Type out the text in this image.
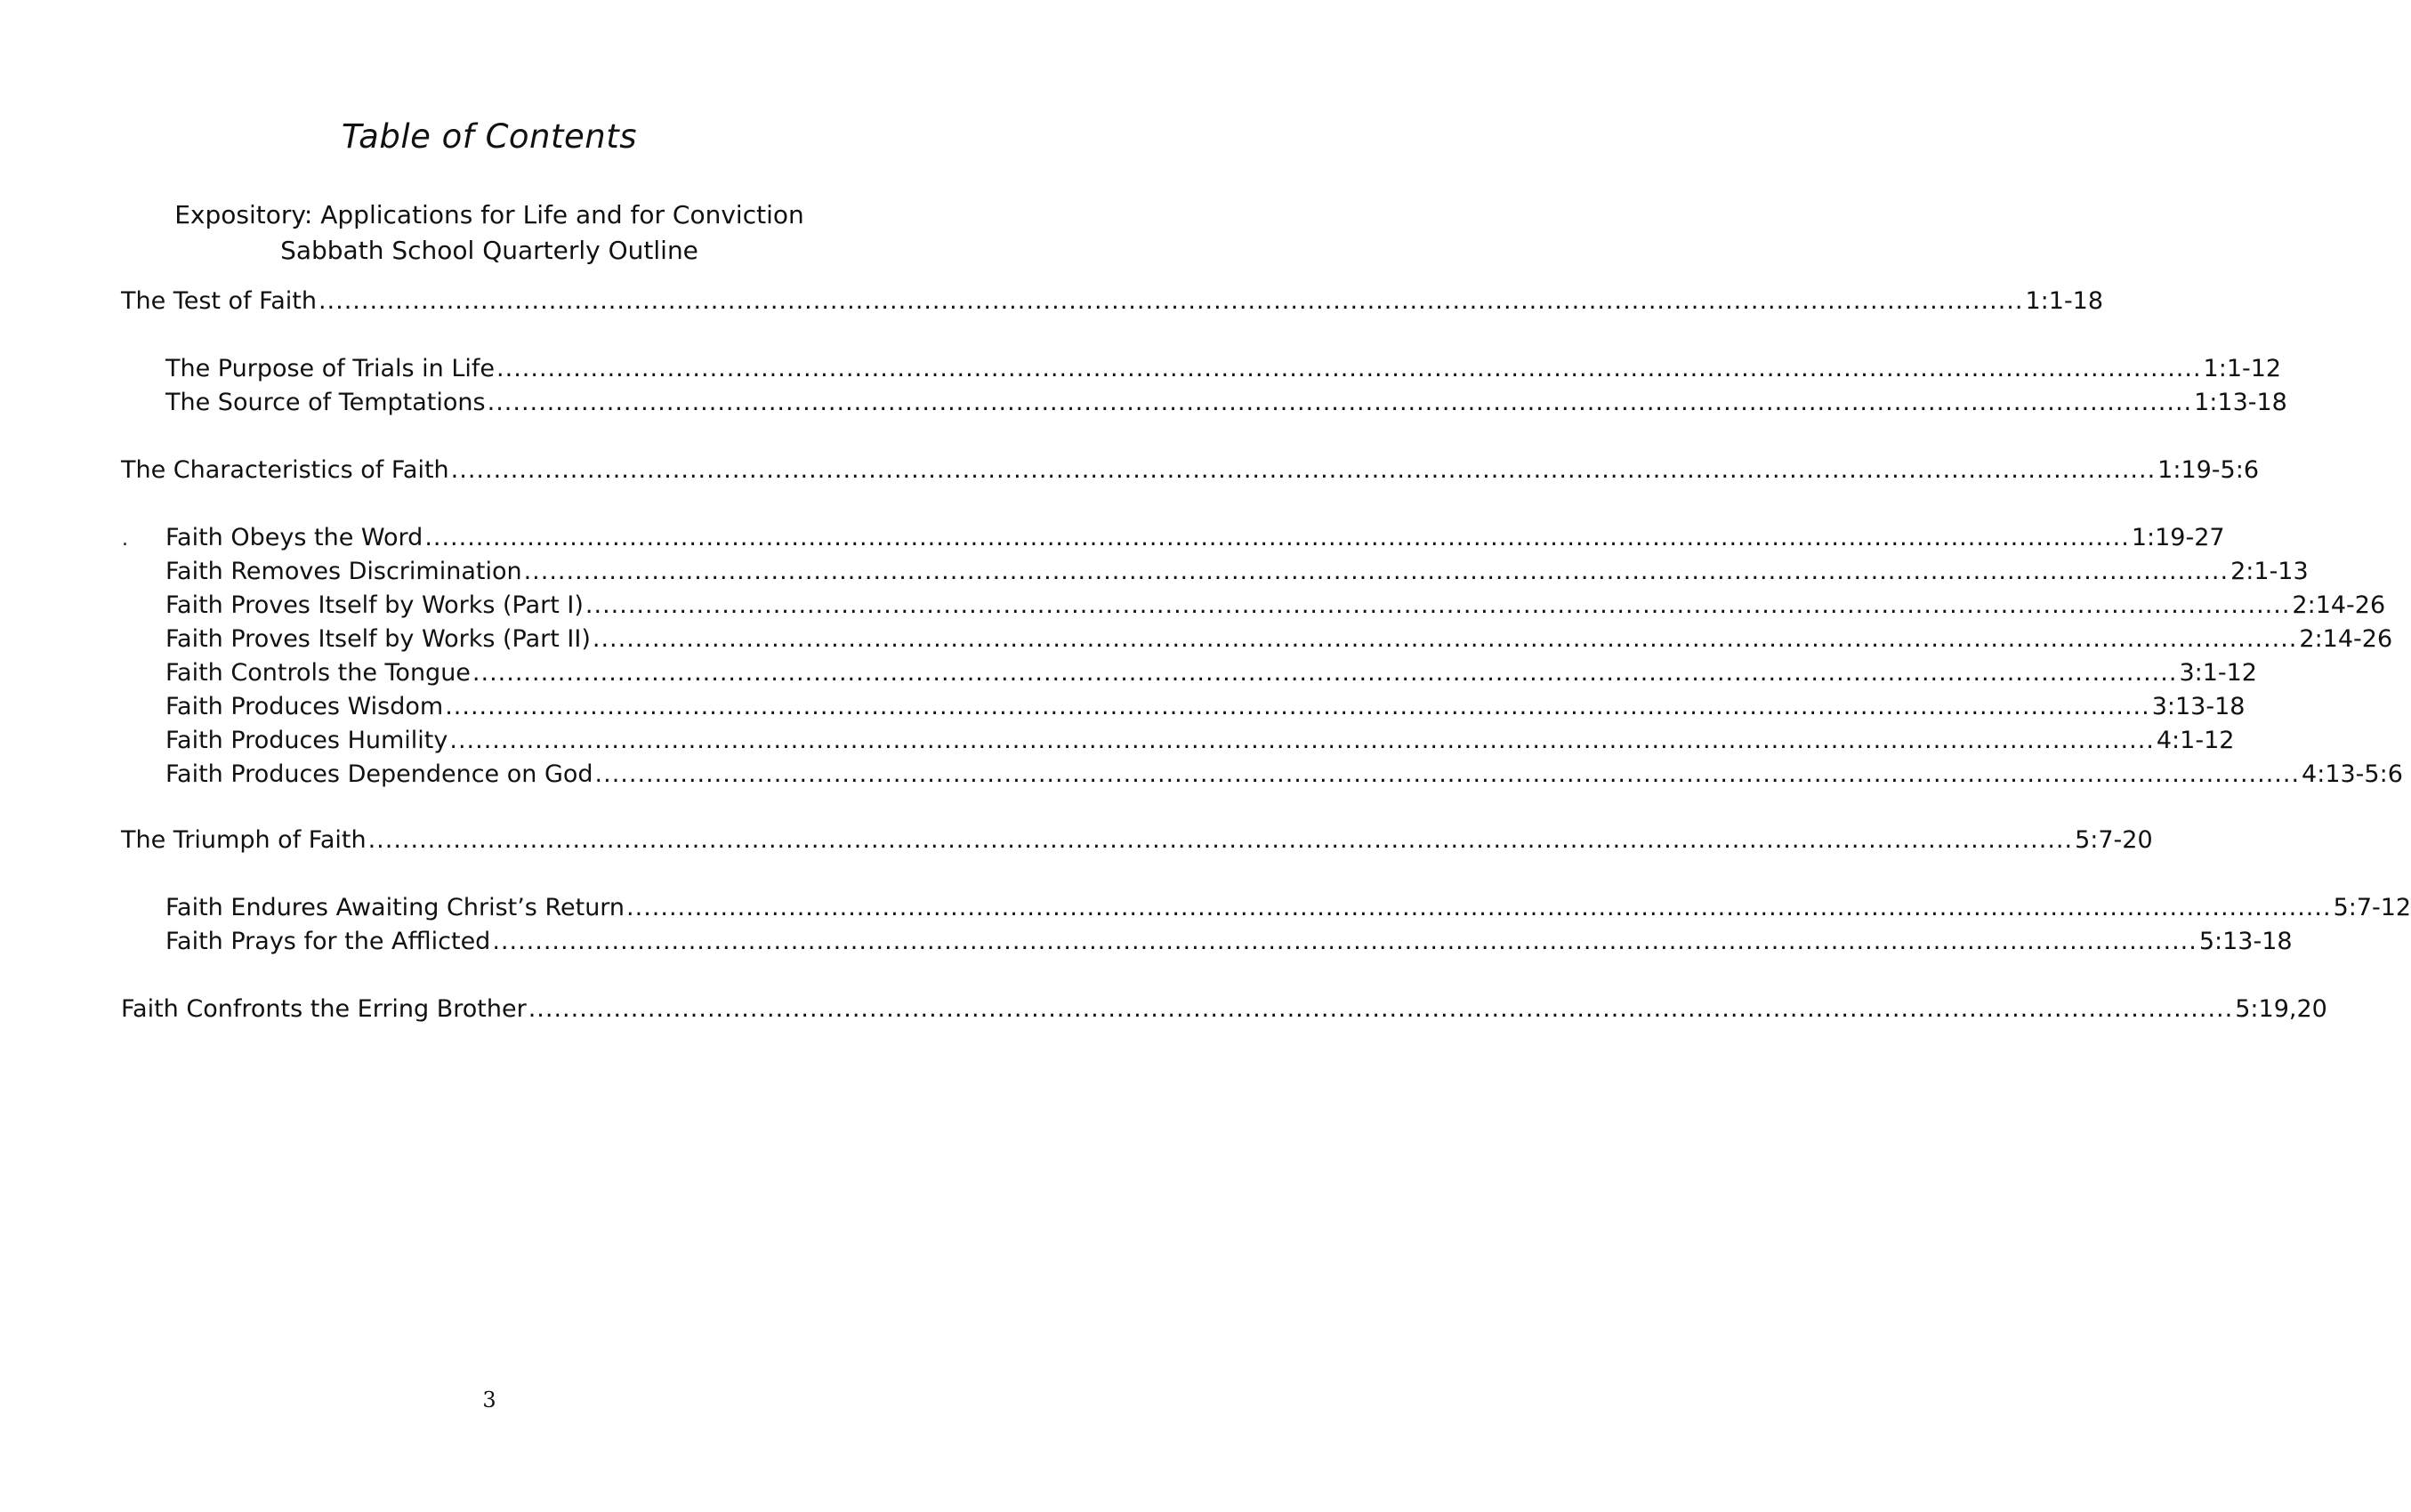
Table of Contents
Expository: Applications for Life and for Conviction
Sabbath School Quarterly Outline
The Test of Faith ........................................................................................................................................................................................................ 1:1-18
The Purpose of Trials in Life ........................................................................................................................................................................................................ 1:1-12
The Source of Temptations ........................................................................................................................................................................................................ 1:13-18
The Characteristics of Faith ........................................................................................................................................................................................................ 1:19-5:6
. Faith Obeys the Word ........................................................................................................................................................................................................ 1:19-27
Faith Removes Discrimination ........................................................................................................................................................................................................ 2:1-13
Faith Proves Itself by Works (Part I) ........................................................................................................................................................................................................ 2:14-26
Faith Proves Itself by Works (Part II) ........................................................................................................................................................................................................ 2:14-26
Faith Controls the Tongue ........................................................................................................................................................................................................ 3:1-12
Faith Produces Wisdom ........................................................................................................................................................................................................ 3:13-18
Faith Produces Humility ........................................................................................................................................................................................................ 4:1-12
Faith Produces Dependence on God ........................................................................................................................................................................................................ 4:13-5:6
The Triumph of Faith ........................................................................................................................................................................................................ 5:7-20
Faith Endures Awaiting Christ’s Return ........................................................................................................................................................................................................ 5:7-12
Faith Prays for the Afflicted ........................................................................................................................................................................................................ 5:13-18
Faith Confronts the Erring Brother ........................................................................................................................................................................................................ 5:19,20
3
